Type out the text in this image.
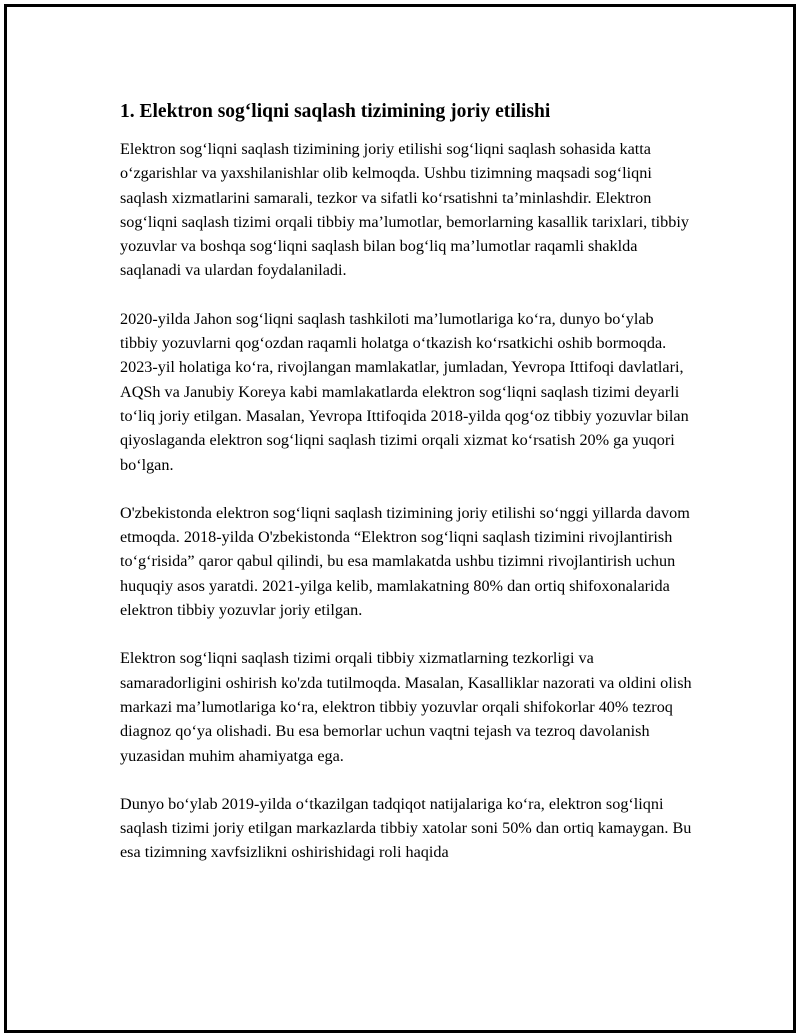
1. Elektron sog‘liqni saqlash tizimining joriy etilishi

Elektron sog‘liqni saqlash tizimining joriy etilishi sog‘liqni saqlash sohasida katta o‘zgarishlar va yaxshilanishlar olib kelmoqda. Ushbu tizimning maqsadi sog‘liqni saqlash xizmatlarini samarali, tezkor va sifatli ko‘rsatishni ta’minlashdir. Elektron sog‘liqni saqlash tizimi orqali tibbiy ma’lumotlar, bemorlarning kasallik tarixlari, tibbiy yozuvlar va boshqa sog‘liqni saqlash bilan bog‘liq ma’lumotlar raqamli shaklda saqlanadi va ulardan foydalaniladi.

2020-yilda Jahon sog‘liqni saqlash tashkiloti ma’lumotlariga ko‘ra, dunyo bo‘ylab tibbiy yozuvlarni qog‘ozdan raqamli holatga o‘tkazish ko‘rsatkichi oshib bormoqda. 2023-yil holatiga ko‘ra, rivojlangan mamlakatlar, jumladan, Yevropa Ittifoqi davlatlari, AQSh va Janubiy Koreya kabi mamlakatlarda elektron sog‘liqni saqlash tizimi deyarli to‘liq joriy etilgan. Masalan, Yevropa Ittifoqida 2018-yilda qog‘oz tibbiy yozuvlar bilan qiyoslaganda elektron sog‘liqni saqlash tizimi orqali xizmat ko‘rsatish 20% ga yuqori bo‘lgan.

O'zbekistonda elektron sog‘liqni saqlash tizimining joriy etilishi so‘nggi yillarda davom etmoqda. 2018-yilda O'zbekistonda “Elektron sog‘liqni saqlash tizimini rivojlantirish to‘g‘risida” qaror qabul qilindi, bu esa mamlakatda ushbu tizimni rivojlantirish uchun huquqiy asos yaratdi. 2021-yilga kelib, mamlakatning 80% dan ortiq shifoxonalarida elektron tibbiy yozuvlar joriy etilgan.

Elektron sog‘liqni saqlash tizimi orqali tibbiy xizmatlarning tezkorligi va samaradorligini oshirish ko'zda tutilmoqda. Masalan, Kasalliklar nazorati va oldini olish markazi ma’lumotlariga ko‘ra, elektron tibbiy yozuvlar orqali shifokorlar 40% tezroq diagnoz qo‘ya olishadi. Bu esa bemorlar uchun vaqtni tejash va tezroq davolanish yuzasidan muhim ahamiyatga ega.

Dunyo bo‘ylab 2019-yilda o‘tkazilgan tadqiqot natijalariga ko‘ra, elektron sog‘liqni saqlash tizimi joriy etilgan markazlarda tibbiy xatolar soni 50% dan ortiq kamaygan. Bu esa tizimning xavfsizlikni oshirishidagi roli haqida
